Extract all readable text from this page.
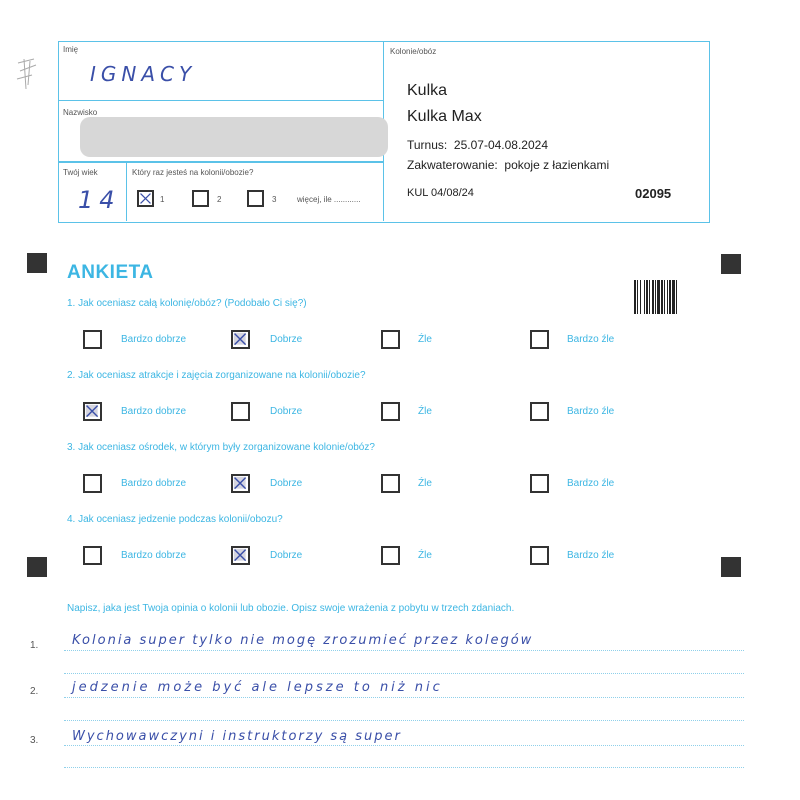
Imię
IGNACY
Nazwisko
Twój wiek
14
Który raz jesteś na kolonii/obozie?
1	2	3	więcej, ile ............
Kolonie/obóz
Kulka
Kulka Max
Turnus: 25.07-04.08.2024
Zakwaterowanie: pokoje z łazienkami
KUL 04/08/24	02095
ANKIETA
1. Jak oceniasz całą kolonię/obóz? (Podobało Ci się?)
Bardzo dobrze	Dobrze	Źle	Bardzo źle
2. Jak oceniasz atrakcje i zajęcia zorganizowane na kolonii/obozie?
Bardzo dobrze	Dobrze	Źle	Bardzo źle
3. Jak oceniasz ośrodek, w którym były zorganizowane kolonie/obóz?
Bardzo dobrze	Dobrze	Źle	Bardzo źle
4. Jak oceniasz jedzenie podczas kolonii/obozu?
Bardzo dobrze	Dobrze	Źle	Bardzo źle
Napisz, jaka jest Twoja opinia o kolonii lub obozie. Opisz swoje wrażenia z pobytu w trzech zdaniach.
1.	Kolonia super tylko nie mogę zrozumieć przez kolegów
2.	jedzenie może być ale lepsze to niż nic
3.	Wychowawczyni i instruktorzy są super
